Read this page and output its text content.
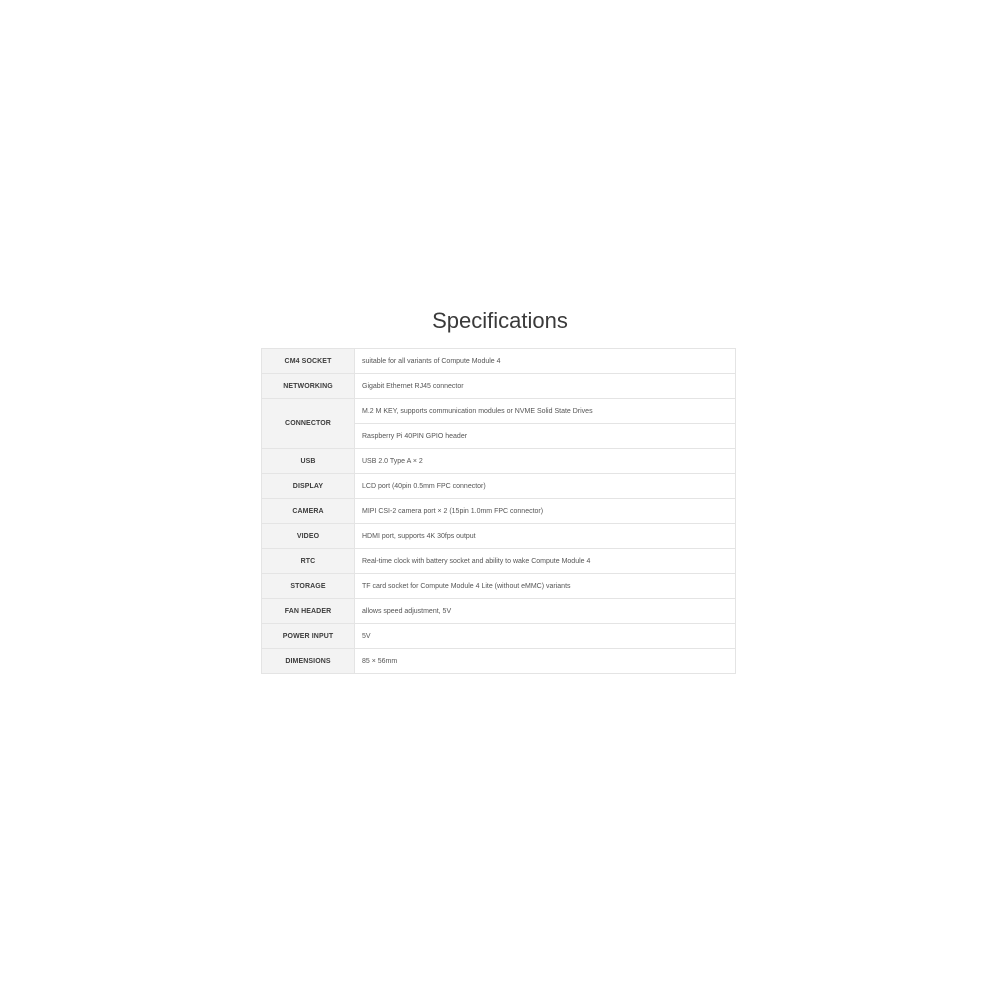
Specifications
CM4 SOCKET	suitable for all variants of Compute Module 4
NETWORKING	Gigabit Ethernet RJ45 connector
CONNECTOR	M.2 M KEY, supports communication modules or NVME Solid State Drives
	Raspberry Pi 40PIN GPIO header
USB	USB 2.0 Type A × 2
DISPLAY	LCD port (40pin 0.5mm FPC connector)
CAMERA	MIPI CSI-2 camera port × 2 (15pin 1.0mm FPC connector)
VIDEO	HDMI port, supports 4K 30fps output
RTC	Real-time clock with battery socket and ability to wake Compute Module 4
STORAGE	TF card socket for Compute Module 4 Lite (without eMMC) variants
FAN HEADER	allows speed adjustment, 5V
POWER INPUT	5V
DIMENSIONS	85 × 56mm
